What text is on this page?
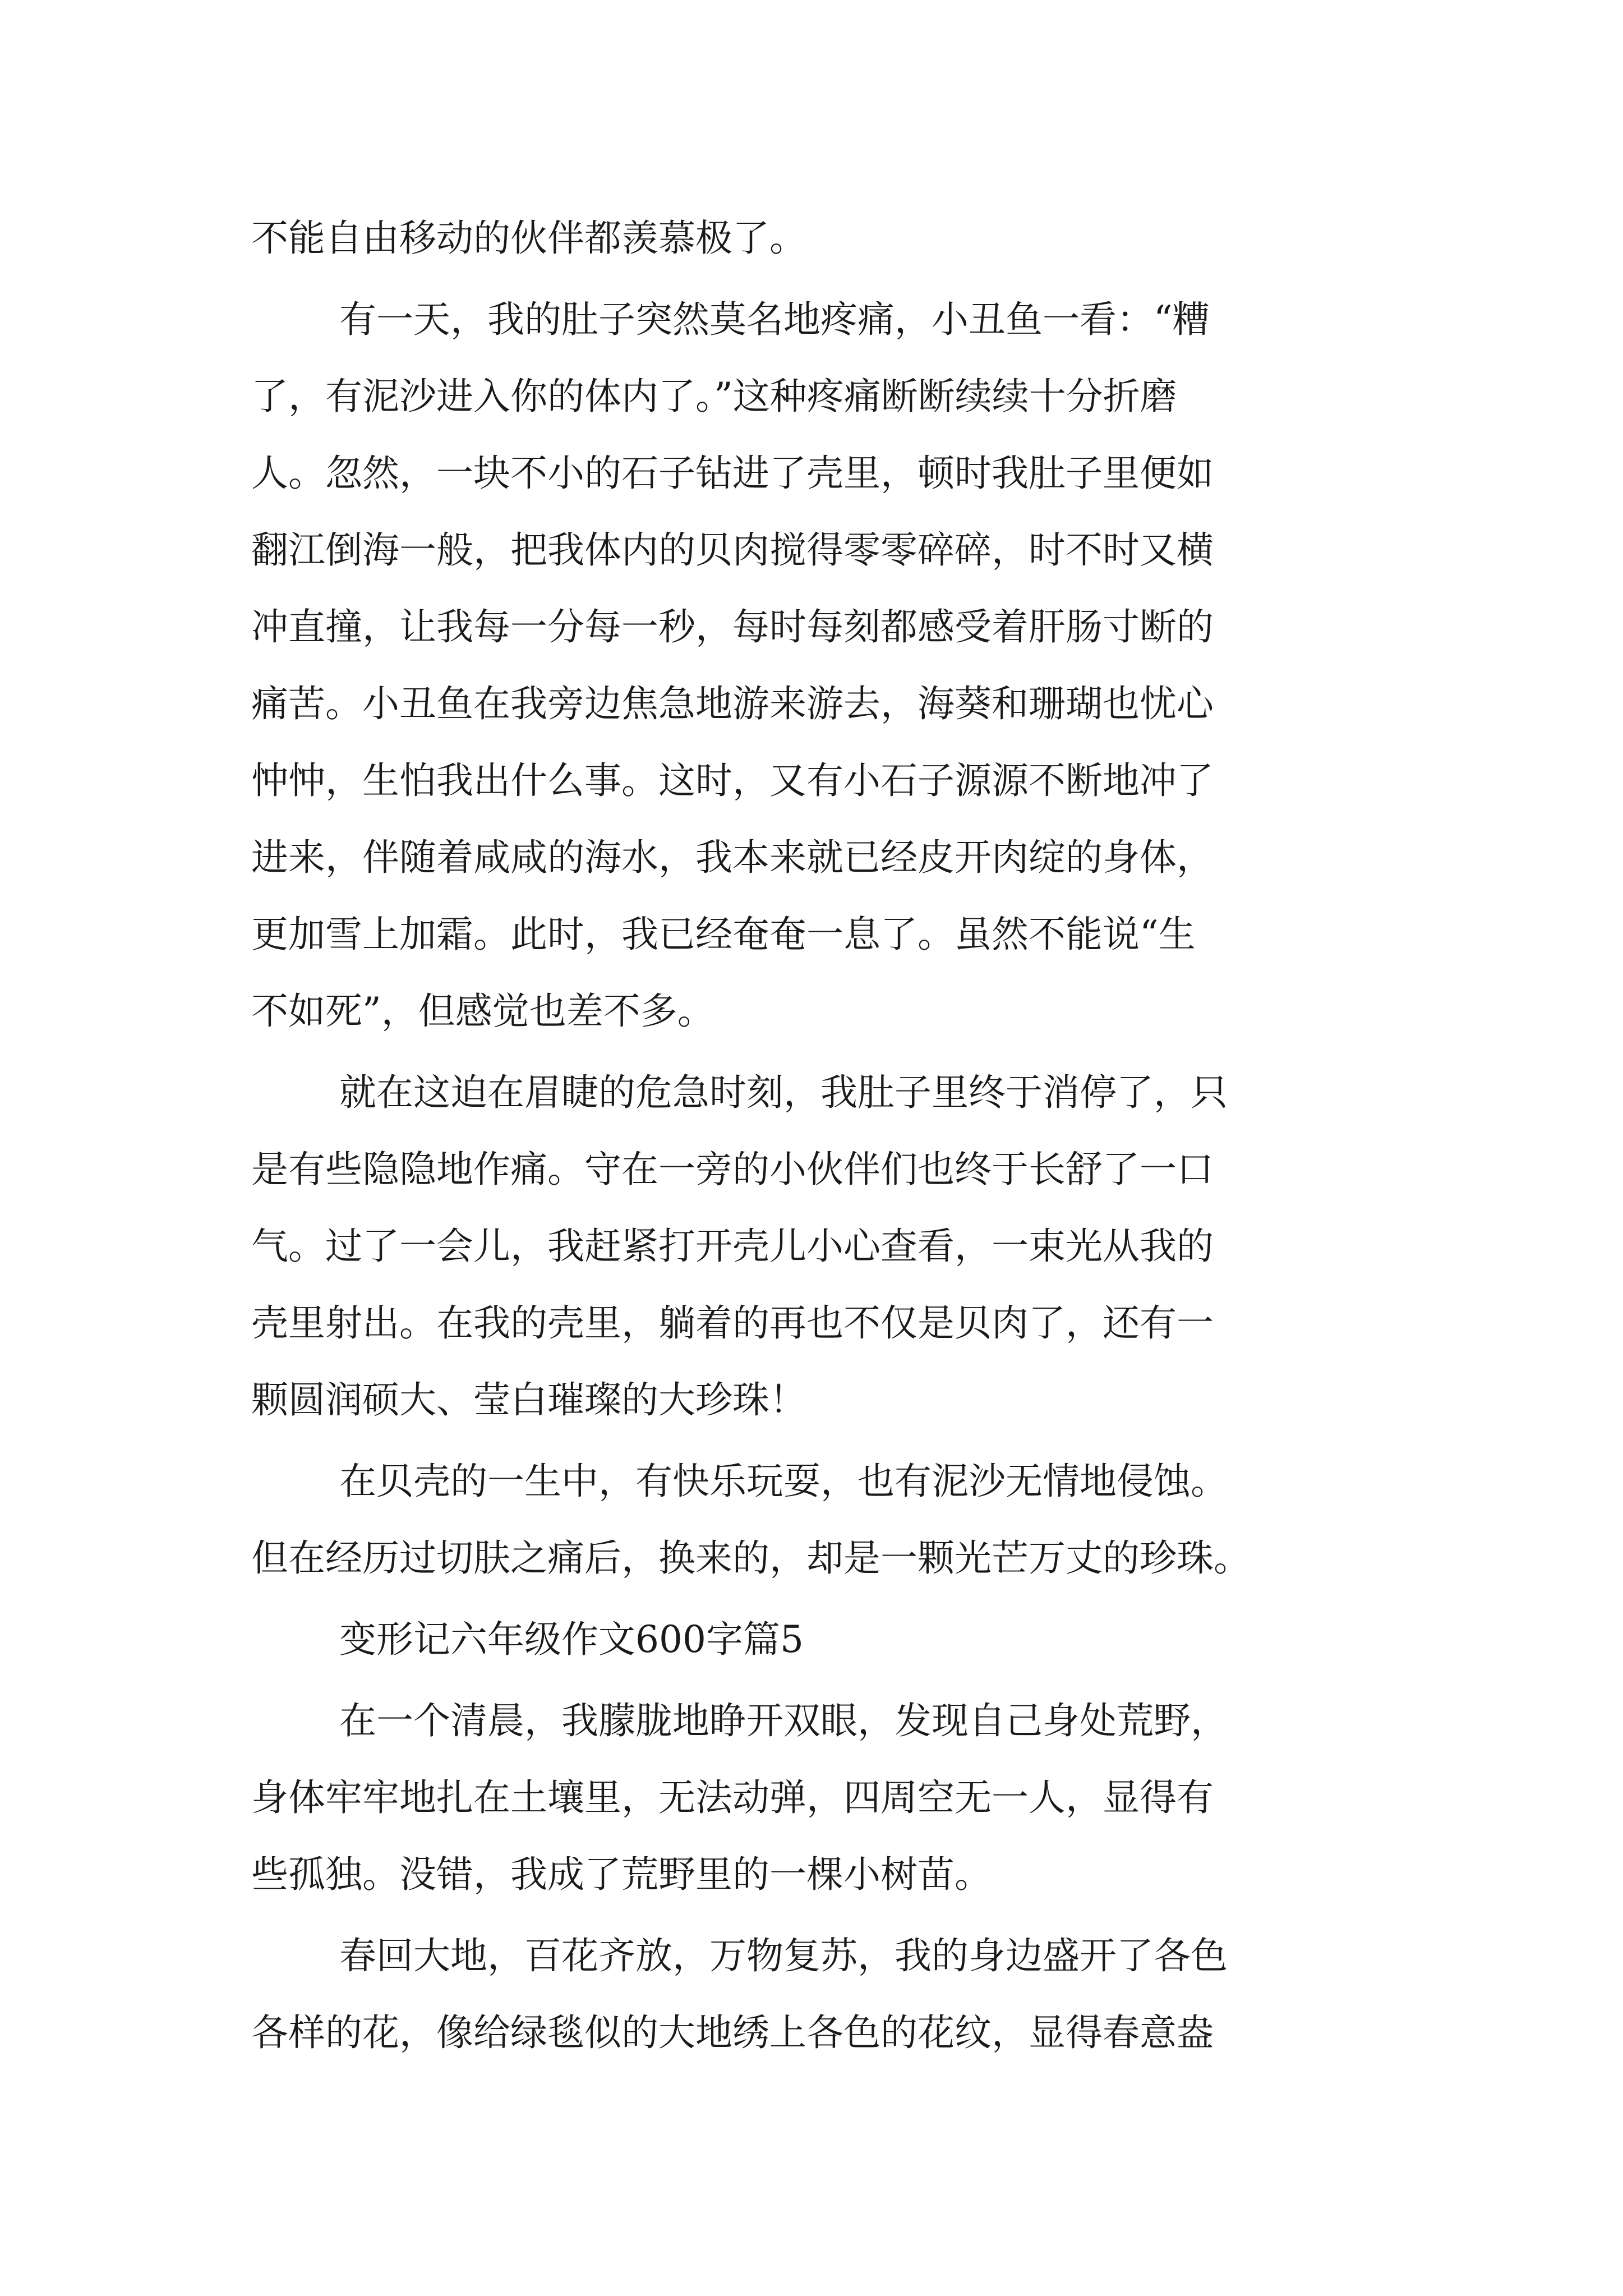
不能自由移动的伙伴都羡慕极了。
有一天，我的肚子突然莫名地疼痛，小丑鱼一看：“糟
了，有泥沙进入你的体内了。”这种疼痛断断续续十分折磨
人。忽然，一块不小的石子钻进了壳里，顿时我肚子里便如
翻江倒海一般，把我体内的贝肉搅得零零碎碎，时不时又横
冲直撞，让我每一分每一秒，每时每刻都感受着肝肠寸断的
痛苦。小丑鱼在我旁边焦急地游来游去，海葵和珊瑚也忧心
忡忡，生怕我出什么事。这时，又有小石子源源不断地冲了
进来，伴随着咸咸的海水，我本来就已经皮开肉绽的身体，
更加雪上加霜。此时，我已经奄奄一息了。虽然不能说“生
不如死”，但感觉也差不多。
就在这迫在眉睫的危急时刻，我肚子里终于消停了，只
是有些隐隐地作痛。守在一旁的小伙伴们也终于长舒了一口
气。过了一会儿，我赶紧打开壳儿小心查看，一束光从我的
壳里射出。在我的壳里，躺着的再也不仅是贝肉了，还有一
颗圆润硕大、莹白璀璨的大珍珠！
在贝壳的一生中，有快乐玩耍，也有泥沙无情地侵蚀。
但在经历过切肤之痛后，换来的，却是一颗光芒万丈的珍珠。
变形记六年级作文600字篇5
在一个清晨，我朦胧地睁开双眼，发现自己身处荒野，
身体牢牢地扎在土壤里，无法动弹，四周空无一人，显得有
些孤独。没错，我成了荒野里的一棵小树苗。
春回大地，百花齐放，万物复苏，我的身边盛开了各色
各样的花，像给绿毯似的大地绣上各色的花纹，显得春意盎
